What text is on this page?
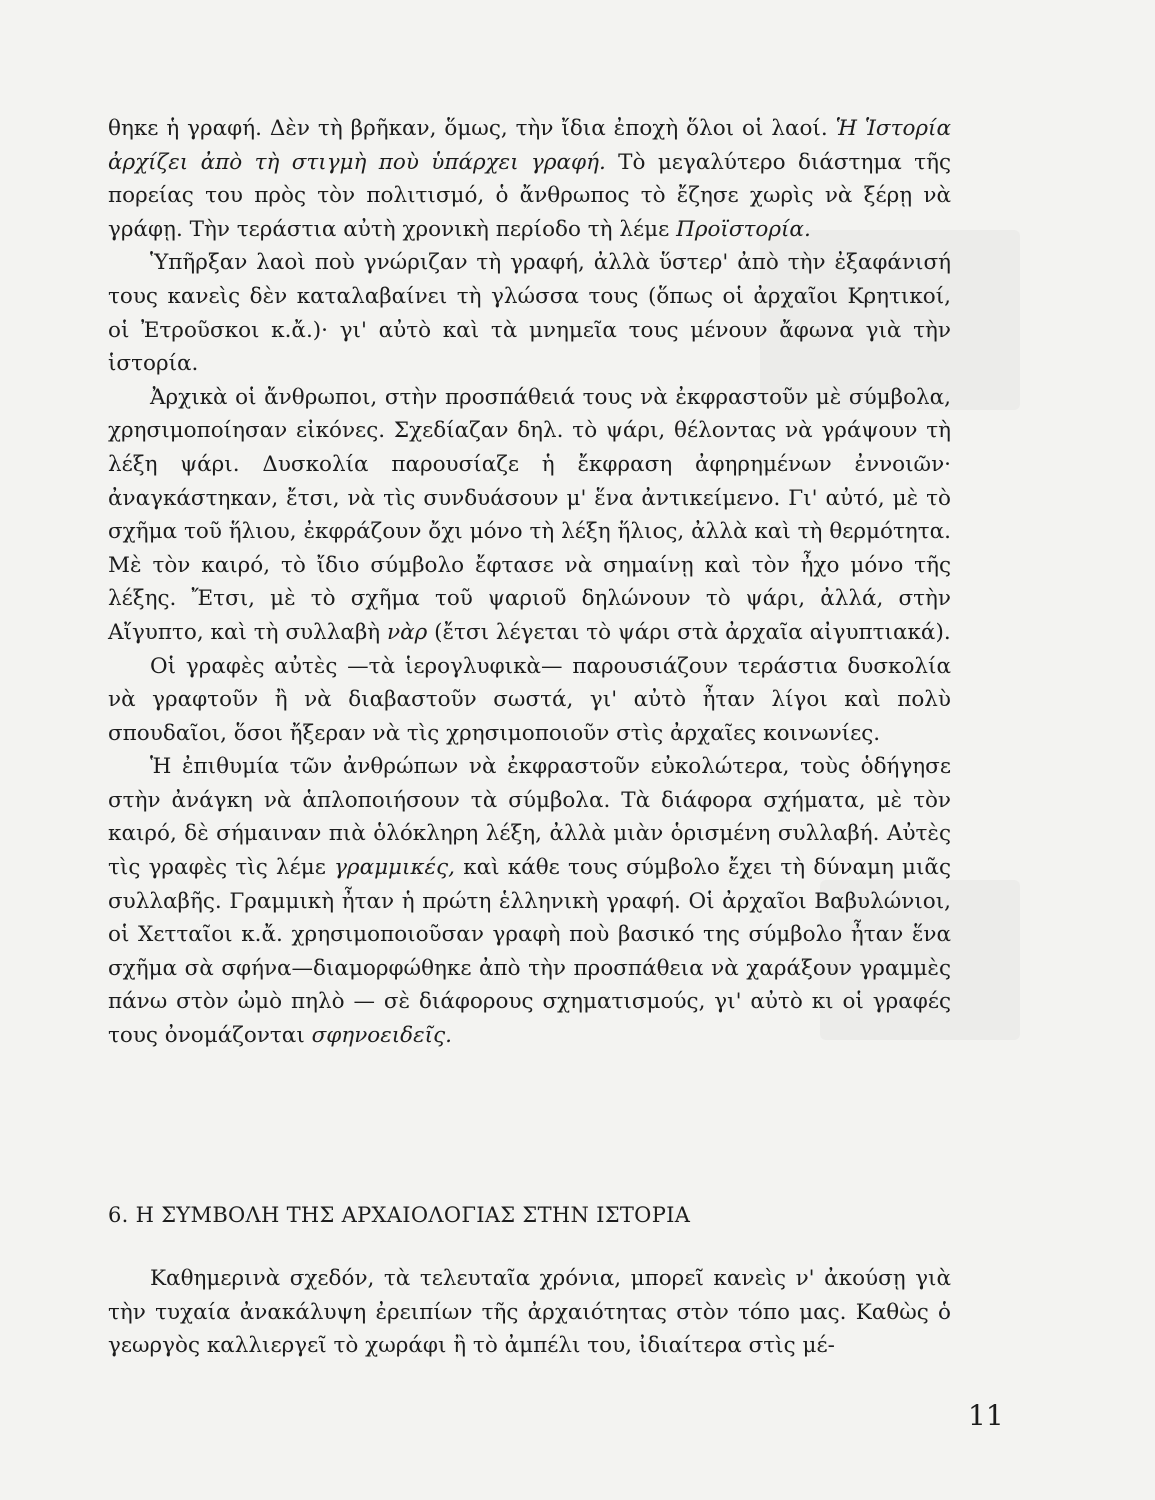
θηκε ἡ γραφή. Δὲν τὴ βρῆκαν, ὅμως, τὴν ἴδια ἐποχὴ ὅλοι οἱ λαοί. Ἡ Ἱστορία ἀρχίζει ἀπὸ τὴ στιγμὴ ποὺ ὑπάρχει γραφή. Τὸ μεγαλύτερο διάστημα τῆς πορείας του πρὸς τὸν πολιτισμό, ὁ ἄνθρωπος τὸ ἔζησε χωρὶς νὰ ξέρῃ νὰ γράφῃ. Τὴν τεράστια αὐτὴ χρονικὴ περίοδο τὴ λέμε Προϊστορία.

Ὑπῆρξαν λαοὶ ποὺ γνώριζαν τὴ γραφή, ἀλλὰ ὕστερ' ἀπὸ τὴν ἐξαφάνισή τους κανεὶς δὲν καταλαβαίνει τὴ γλώσσα τους (ὅπως οἱ ἀρχαῖοι Κρητικοί, οἱ Ἐτροῦσκοι κ.ἄ.)· γι' αὐτὸ καὶ τὰ μνημεῖα τους μένουν ἄφωνα γιὰ τὴν ἱστορία.

Ἀρχικὰ οἱ ἄνθρωποι, στὴν προσπάθειά τους νὰ ἐκφραστοῦν μὲ σύμβολα, χρησιμοποίησαν εἰκόνες. Σχεδίαζαν δηλ. τὸ ψάρι, θέλοντας νὰ γράψουν τὴ λέξη ψάρι. Δυσκολία παρουσίαζε ἡ ἔκφραση ἀφηρημένων ἐννοιῶν· ἀναγκάστηκαν, ἔτσι, νὰ τὶς συνδυάσουν μ' ἕνα ἀντικείμενο. Γι' αὐτό, μὲ τὸ σχῆμα τοῦ ἥλιου, ἐκφράζουν ὄχι μόνο τὴ λέξη ἥλιος, ἀλλὰ καὶ τὴ θερμότητα. Μὲ τὸν καιρό, τὸ ἴδιο σύμβολο ἔφτασε νὰ σημαίνῃ καὶ τὸν ἦχο μόνο τῆς λέξης. Ἔτσι, μὲ τὸ σχῆμα τοῦ ψαριοῦ δηλώνουν τὸ ψάρι, ἀλλά, στὴν Αἴγυπτο, καὶ τὴ συλλαβὴ νὰρ (ἔτσι λέγεται τὸ ψάρι στὰ ἀρχαῖα αἰγυπτιακά).

Οἱ γραφὲς αὐτὲς —τὰ ἱερογλυφικὰ— παρουσιάζουν τεράστια δυσκολία νὰ γραφτοῦν ἢ νὰ διαβαστοῦν σωστά, γι' αὐτὸ ἦταν λίγοι καὶ πολὺ σπουδαῖοι, ὅσοι ἤξεραν νὰ τὶς χρησιμοποιοῦν στὶς ἀρχαῖες κοινωνίες.

Ἡ ἐπιθυμία τῶν ἀνθρώπων νὰ ἐκφραστοῦν εὐκολώτερα, τοὺς ὁδήγησε στὴν ἀνάγκη νὰ ἁπλοποιήσουν τὰ σύμβολα. Τὰ διάφορα σχήματα, μὲ τὸν καιρό, δὲ σήμαιναν πιὰ ὁλόκληρη λέξη, ἀλλὰ μιὰν ὁρισμένη συλλαβή. Αὐτὲς τὶς γραφὲς τὶς λέμε γραμμικές, καὶ κάθε τους σύμβολο ἔχει τὴ δύναμη μιᾶς συλλαβῆς. Γραμμικὴ ἦταν ἡ πρώτη ἑλληνικὴ γραφή. Οἱ ἀρχαῖοι Βαβυλώνιοι, οἱ Χετταῖοι κ.ἄ. χρησιμοποιοῦσαν γραφὴ ποὺ βασικό της σύμβολο ἦταν ἕνα σχῆμα σὰ σφήνα—διαμορφώθηκε ἀπὸ τὴν προσπάθεια νὰ χαράξουν γραμμὲς πάνω στὸν ὠμὸ πηλὸ — σὲ διάφορους σχηματισμούς, γι' αὐτὸ κι οἱ γραφές τους ὀνομάζονται σφηνοειδεῖς.

6. Η ΣΥΜΒΟΛΗ ΤΗΣ ΑΡΧΑΙΟΛΟΓΙΑΣ ΣΤΗΝ ΙΣΤΟΡΙΑ

Καθημερινὰ σχεδόν, τὰ τελευταῖα χρόνια, μπορεῖ κανεὶς ν' ἀκούσῃ γιὰ τὴν τυχαία ἀνακάλυψη ἐρειπίων τῆς ἀρχαιότητας στὸν τόπο μας. Καθὼς ὁ γεωργὸς καλλιεργεῖ τὸ χωράφι ἢ τὸ ἀμπέλι του, ἰδιαίτερα στὶς μέ-

11
